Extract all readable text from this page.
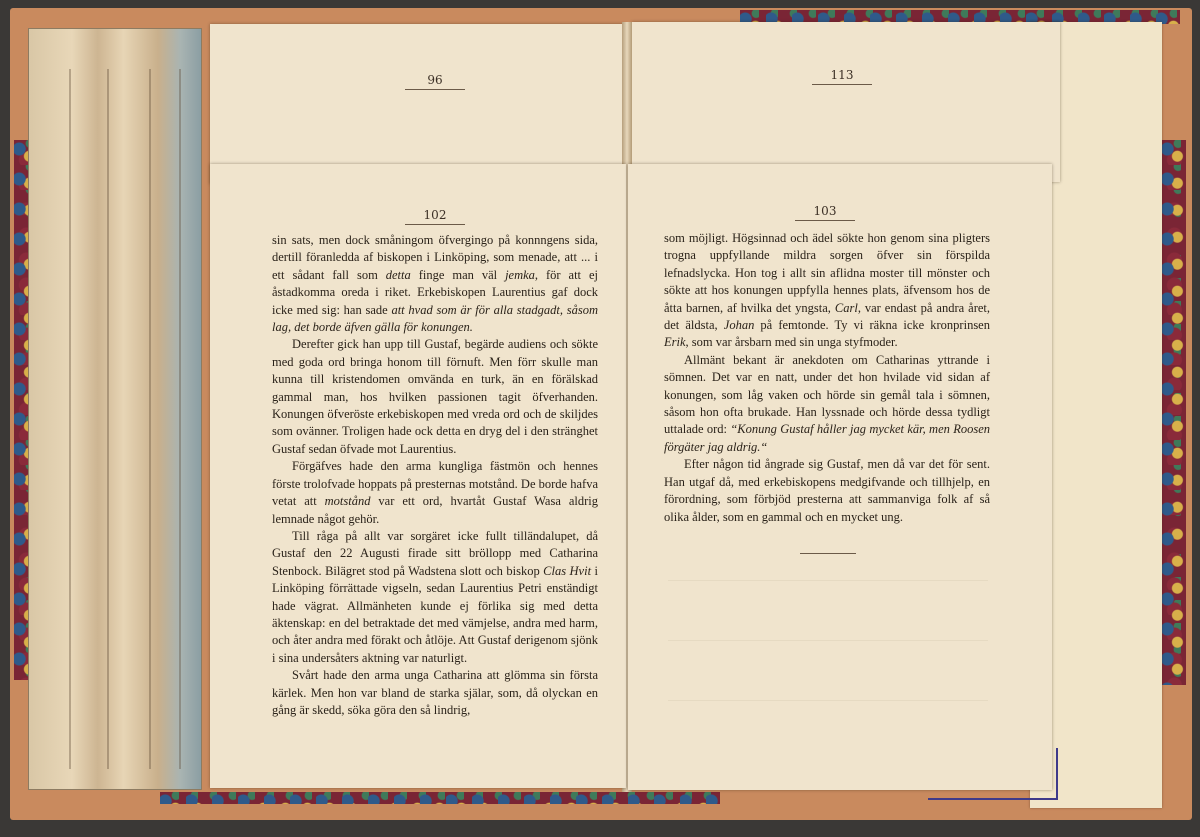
96	113
102	103

sin sats, men dock småningom öfvergingo på konnngens sida, dertill föranledda af biskopen i Linköping, som menade, att ... i ett sådant fall som detta finge man väl jemka, för att ej åstadkomma oreda i riket. Erkebiskopen Laurentius gaf dock icke med sig: han sade att hvad som är för alla stadgadt, såsom lag, det borde äfven gälla för konungen.

Derefter gick han upp till Gustaf, begärde audiens och sökte med goda ord bringa honom till förnuft. Men förr skulle man kunna till kristendomen omvända en turk, än en förälskad gammal man, hos hvilken passionen tagit öfverhanden. Konungen öfveröste erkebiskopen med vreda ord och de skiljdes som ovänner. Troligen hade ock detta en dryg del i den stränghet Gustaf sedan öfvade mot Laurentius.

Förgäfves hade den arma kungliga fästmön och hennes förste trolofvade hoppats på presternas motstånd. De borde hafva vetat att motstånd var ett ord, hvartåt Gustaf Wasa aldrig lemnade något gehör.

Till råga på allt var sorgäret icke fullt tilländalupet, då Gustaf den 22 Augusti firade sitt bröllopp med Catharina Stenbock. Bilägret stod på Wadstena slott och biskop Clas Hvit i Linköping förrättade vigseln, sedan Laurentius Petri enständigt hade vägrat. Allmänheten kunde ej förlika sig med detta äktenskap: en del betraktade det med vämjelse, andra med harm, och åter andra med förakt och åtlöje. Att Gustaf derigenom sjönk i sina undersåters aktning var naturligt.

Svårt hade den arma unga Catharina att glömma sin första kärlek. Men hon var bland de starka själar, som, då olyckan en gång är skedd, söka göra den så lindrig,

som möjligt. Högsinnad och ädel sökte hon genom sina pligters trogna uppfyllande mildra sorgen öfver sin förspilda lefnadslycka. Hon tog i allt sin aflidna moster till mönster och sökte att hos konungen uppfylla hennes plats, äfvensom hos de åtta barnen, af hvilka det yngsta, Carl, var endast på andra året, det äldsta, Johan på femtonde. Ty vi räkna icke kronprinsen Erik, som var årsbarn med sin unga styfmoder.

Allmänt bekant är anekdoten om Catharinas yttrande i sömnen. Det var en natt, under det hon hvilade vid sidan af konungen, som låg vaken och hörde sin gemål tala i sömnen, såsom hon ofta brukade. Han lyssnade och hörde dessa tydligt uttalade ord: “Konung Gustaf håller jag mycket kär, men Roosen förgäter jag aldrig.“

Efter någon tid ångrade sig Gustaf, men då var det för sent. Han utgaf då, med erkebiskopens medgifvande och tillhjelp, en förordning, som förbjöd presterna att sammanviga folk af så olika ålder, som en gammal och en mycket ung.
